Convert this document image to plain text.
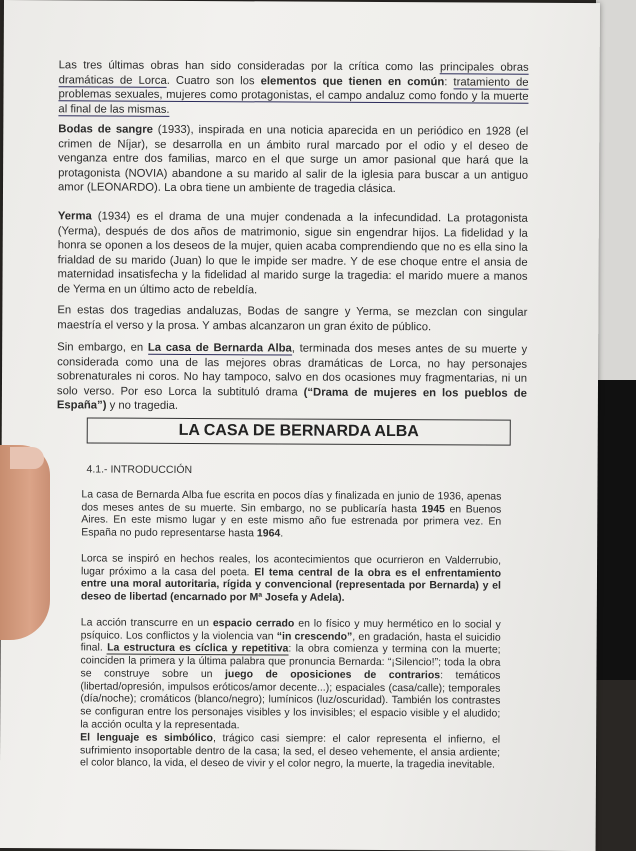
Las tres últimas obras han sido consideradas por la crítica como las principales obras dramáticas de Lorca. Cuatro son los elementos que tienen en común: tratamiento de problemas sexuales, mujeres como protagonistas, el campo andaluz como fondo y la muerte al final de las mismas.

Bodas de sangre (1933), inspirada en una noticia aparecida en un periódico en 1928 (el crimen de Níjar), se desarrolla en un ámbito rural marcado por el odio y el deseo de venganza entre dos familias, marco en el que surge un amor pasional que hará que la protagonista (NOVIA) abandone a su marido al salir de la iglesia para buscar a un antiguo amor (LEONARDO). La obra tiene un ambiente de tragedia clásica.

Yerma (1934) es el drama de una mujer condenada a la infecundidad. La protagonista (Yerma), después de dos años de matrimonio, sigue sin engendrar hijos. La fidelidad y la honra se oponen a los deseos de la mujer, quien acaba comprendiendo que no es ella sino la frialdad de su marido (Juan) lo que le impide ser madre. Y de ese choque entre el ansia de maternidad insatisfecha y la fidelidad al marido surge la tragedia: el marido muere a manos de Yerma en un último acto de rebeldía.

En estas dos tragedias andaluzas, Bodas de sangre y Yerma, se mezclan con singular maestría el verso y la prosa. Y ambas alcanzaron un gran éxito de público.

Sin embargo, en La casa de Bernarda Alba, terminada dos meses antes de su muerte y considerada como una de las mejores obras dramáticas de Lorca, no hay personajes sobrenaturales ni coros. No hay tampoco, salvo en dos ocasiones muy fragmentarias, ni un solo verso. Por eso Lorca la subtituló drama (“Drama de mujeres en los pueblos de España”) y no tragedia.

LA CASA DE BERNARDA ALBA
4.1.- INTRODUCCIÓN

La casa de Bernarda Alba fue escrita en pocos días y finalizada en junio de 1936, apenas dos meses antes de su muerte. Sin embargo, no se publicaría hasta 1945 en Buenos Aires. En este mismo lugar y en este mismo año fue estrenada por primera vez. En España no pudo representarse hasta 1964.

Lorca se inspiró en hechos reales, los acontecimientos que ocurrieron en Valderrubio, lugar próximo a la casa del poeta. El tema central de la obra es el enfrentamiento entre una moral autoritaria, rígida y convencional (representada por Bernarda) y el deseo de libertad (encarnado por Mª Josefa y Adela).

La acción transcurre en un espacio cerrado en lo físico y muy hermético en lo social y psíquico. Los conflictos y la violencia van “in crescendo”, en gradación, hasta el suicidio final. La estructura es cíclica y repetitiva: la obra comienza y termina con la muerte; coinciden la primera y la última palabra que pronuncia Bernarda: “¡Silencio!”; toda la obra se construye sobre un juego de oposiciones de contrarios: temáticos (libertad/opresión, impulsos eróticos/amor decente...); espaciales (casa/calle); temporales (día/noche); cromáticos (blanco/negro); lumínicos (luz/oscuridad). También los contrastes se configuran entre los personajes visibles y los invisibles; el espacio visible y el aludido; la acción oculta y la representada.

El lenguaje es simbólico, trágico casi siempre: el calor representa el infierno, el sufrimiento insoportable dentro de la casa; la sed, el deseo vehemente, el ansia ardiente; el color blanco, la vida, el deseo de vivir y el color negro, la muerte, la tragedia inevitable.
